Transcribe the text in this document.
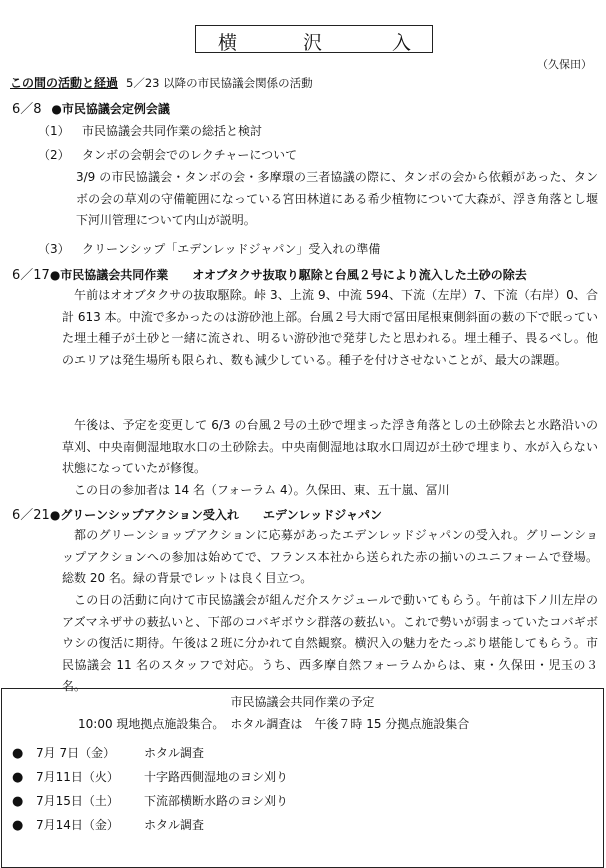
横	沢	入
（久保田）
この間の活動と経過 5／23 以降の市民協議会関係の活動
6／8 ●市民協議会定例会議
（1） 市民協議会共同作業の総括と検討
（2） タンボの会朝会でのレクチャーについて
3/9 の市民協議会・タンボの会・多摩環の三者協議の際に、タンボの会から依頼があった、タンボの会の草刈の守備範囲になっている宮田林道にある希少植物について大森が、浮き角落とし堰下河川管理について内山が説明。
（3） クリーンシップ「エデンレッドジャパン」受入れの準備
6／17●市民協議会共同作業　　オオブタクサ抜取り駆除と台風２号により流入した土砂の除去
午前はオオブタクサの抜取駆除。峠 3、上流 9、中流 594、下流（左岸）7、下流（右岸）0、合計 613 本。中流で多かったのは游砂池上部。台風２号大雨で冨田尾根東側斜面の薮の下で眠っていた埋土種子が土砂と一緒に流され、明るい游砂池で発芽したと思われる。埋土種子、畏るべし。他のエリアは発生場所も限られ、数も減少している。種子を付けさせないことが、最大の課題。
午後は、予定を変更して 6/3 の台風２号の土砂で埋まった浮き角落としの土砂除去と水路沿いの草刈、中央南側湿地取水口の土砂除去。中央南側湿地は取水口周辺が土砂で埋まり、水が入らない状態になっていたが修復。
この日の参加者は 14 名（フォーラム 4）。久保田、東、五十嵐、冨川
6／21●グリーンシップアクション受入れ　　エデンレッドジャパン
都のグリーンショップアクションに応募があったエデンレッドジャパンの受入れ。グリーンショップアクションへの参加は始めてで、フランス本社から送られた赤の揃いのユニフォームで登場。総数 20 名。緑の背景でレットは良く目立つ。
この日の活動に向けて市民協議会が組んだ介スケジュールで動いてもらう。午前は下ノ川左岸のアズマネザサの薮払いと、下部のコバギボウシ群落の薮払い。これで勢いが弱まっていたコバギボウシの復活に期待。午後は２班に分かれて自然観察。横沢入の魅力をたっぷり堪能してもらう。市民協議会 11 名のスタッフで対応。うち、西多摩自然フォーラムからは、東・久保田・児玉の３名。
市民協議会共同作業の予定
10:00 現地拠点施設集合。　ホタル調査は　午後７時 15 分拠点施設集合
● 7月 7日（金） ホタル調査
● 7月11日（火） 十字路西側湿地のヨシ刈り
● 7月15日（土） 下流部横断水路のヨシ刈り
● 7月14日（金） ホタル調査
